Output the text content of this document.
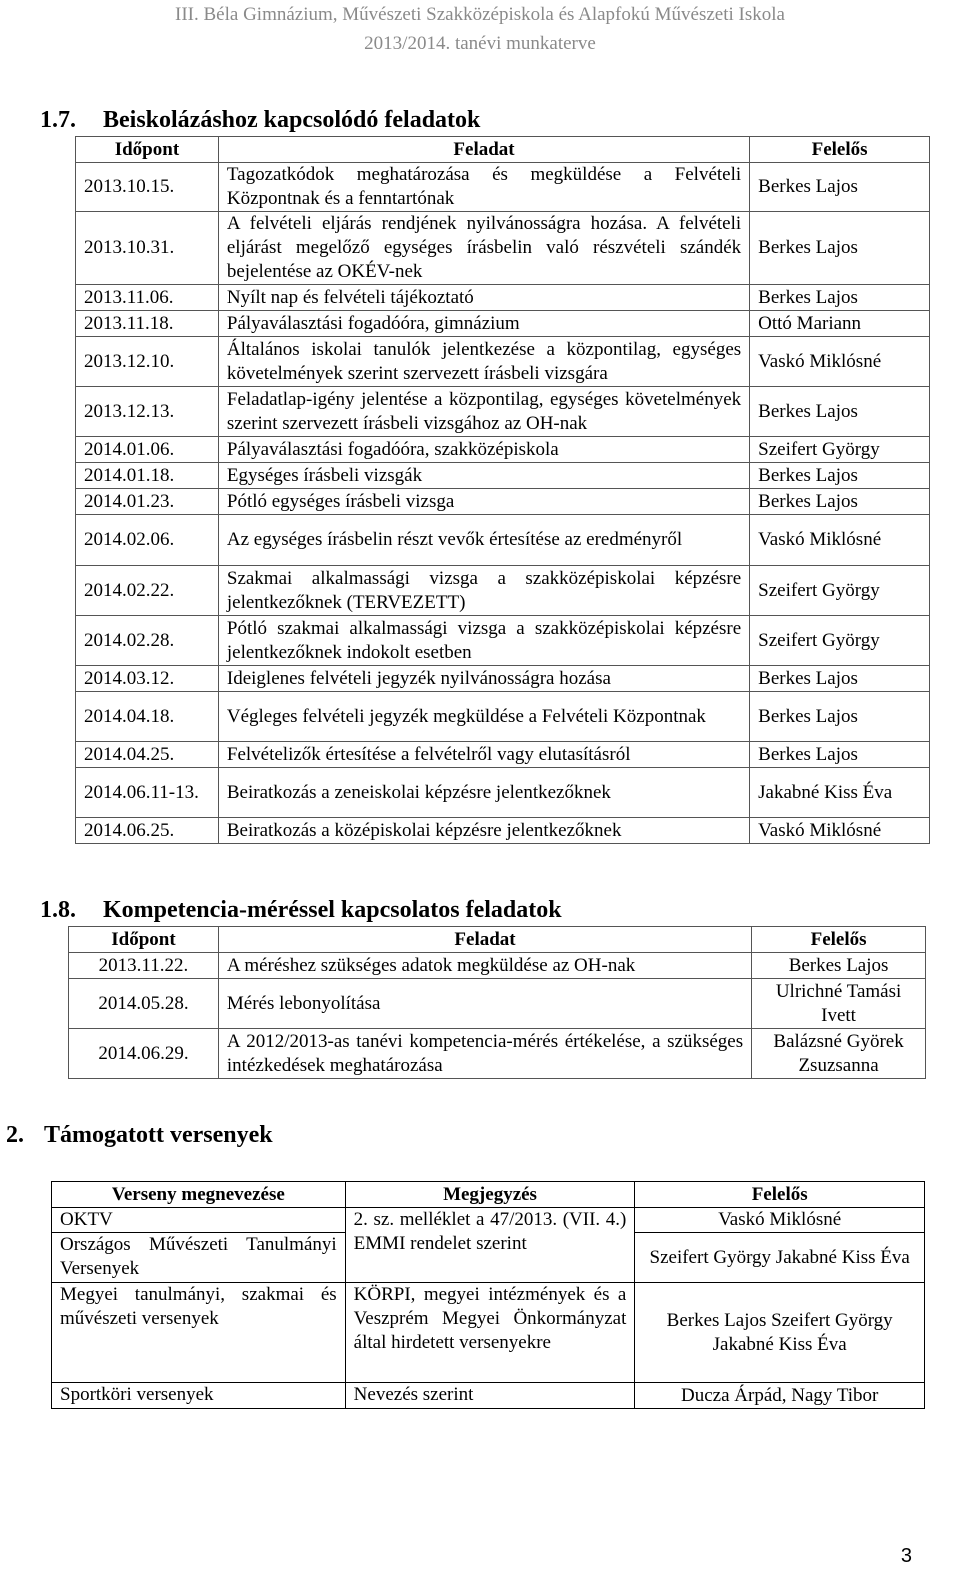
III. Béla Gimnázium, Művészeti Szakközépiskola és Alapfokú Művészeti Iskola
2013/2014. tanévi munkaterve
1.7. Beiskolázáshoz kapcsolódó feladatok
Időpont	Feladat	Felelős
2013.10.15.	Tagozatkódok meghatározása és megküldése a Felvételi Központnak és a fenntartónak	Berkes Lajos
2013.10.31.	A felvételi eljárás rendjének nyilvánosságra hozása. A felvételi eljárást megelőző egységes írásbelin való részvételi szándék bejelentése az OKÉV-nek	Berkes Lajos
2013.11.06.	Nyílt nap és felvételi tájékoztató	Berkes Lajos
2013.11.18.	Pályaválasztási fogadóóra, gimnázium	Ottó Mariann
2013.12.10.	Általános iskolai tanulók jelentkezése a központilag, egységes követelmények szerint szervezett írásbeli vizsgára	Vaskó Miklósné
2013.12.13.	Feladatlap-igény jelentése a központilag, egységes követelmények szerint szervezett írásbeli vizsgához az OH-nak	Berkes Lajos
2014.01.06.	Pályaválasztási fogadóóra, szakközépiskola	Szeifert György
2014.01.18.	Egységes írásbeli vizsgák	Berkes Lajos
2014.01.23.	Pótló egységes írásbeli vizsga	Berkes Lajos
2014.02.06.	Az egységes írásbelin részt vevők értesítése az eredményről	Vaskó Miklósné
2014.02.22.	Szakmai alkalmassági vizsga a szakközépiskolai képzésre jelentkezőknek (TERVEZETT)	Szeifert György
2014.02.28.	Pótló szakmai alkalmassági vizsga a szakközépiskolai képzésre jelentkezőknek indokolt esetben	Szeifert György
2014.03.12.	Ideiglenes felvételi jegyzék nyilvánosságra hozása	Berkes Lajos
2014.04.18.	Végleges felvételi jegyzék megküldése a Felvételi Központnak	Berkes Lajos
2014.04.25.	Felvételizők értesítése a felvételről vagy elutasításról	Berkes Lajos
2014.06.11-13.	Beiratkozás a zeneiskolai képzésre jelentkezőknek	Jakabné Kiss Éva
2014.06.25.	Beiratkozás a középiskolai képzésre jelentkezőknek	Vaskó Miklósné
1.8. Kompetencia-méréssel kapcsolatos feladatok
Időpont	Feladat	Felelős
2013.11.22.	A méréshez szükséges adatok megküldése az OH-nak	Berkes Lajos
2014.05.28.	Mérés lebonyolítása	Ulrichné Tamási Ivett
2014.06.29.	A 2012/2013-as tanévi kompetencia-mérés értékelése, a szükséges intézkedések meghatározása	Balázsné Györek Zsuzsanna
2. Támogatott versenyek
Verseny megnevezése	Megjegyzés	Felelős
OKTV	2. sz. melléklet a 47/2013. (VII. 4.) EMMI rendelet szerint	Vaskó Miklósné
Országos Művészeti Tanulmányi Versenyek		Szeifert György Jakabné Kiss Éva
Megyei tanulmányi, szakmai és művészeti versenyek	KÖRPI, megyei intézmények és a Veszprém Megyei Önkormányzat által hirdetett versenyekre	Berkes Lajos Szeifert György Jakabné Kiss Éva
Sportköri versenyek	Nevezés szerint	Ducza Árpád, Nagy Tibor
3
